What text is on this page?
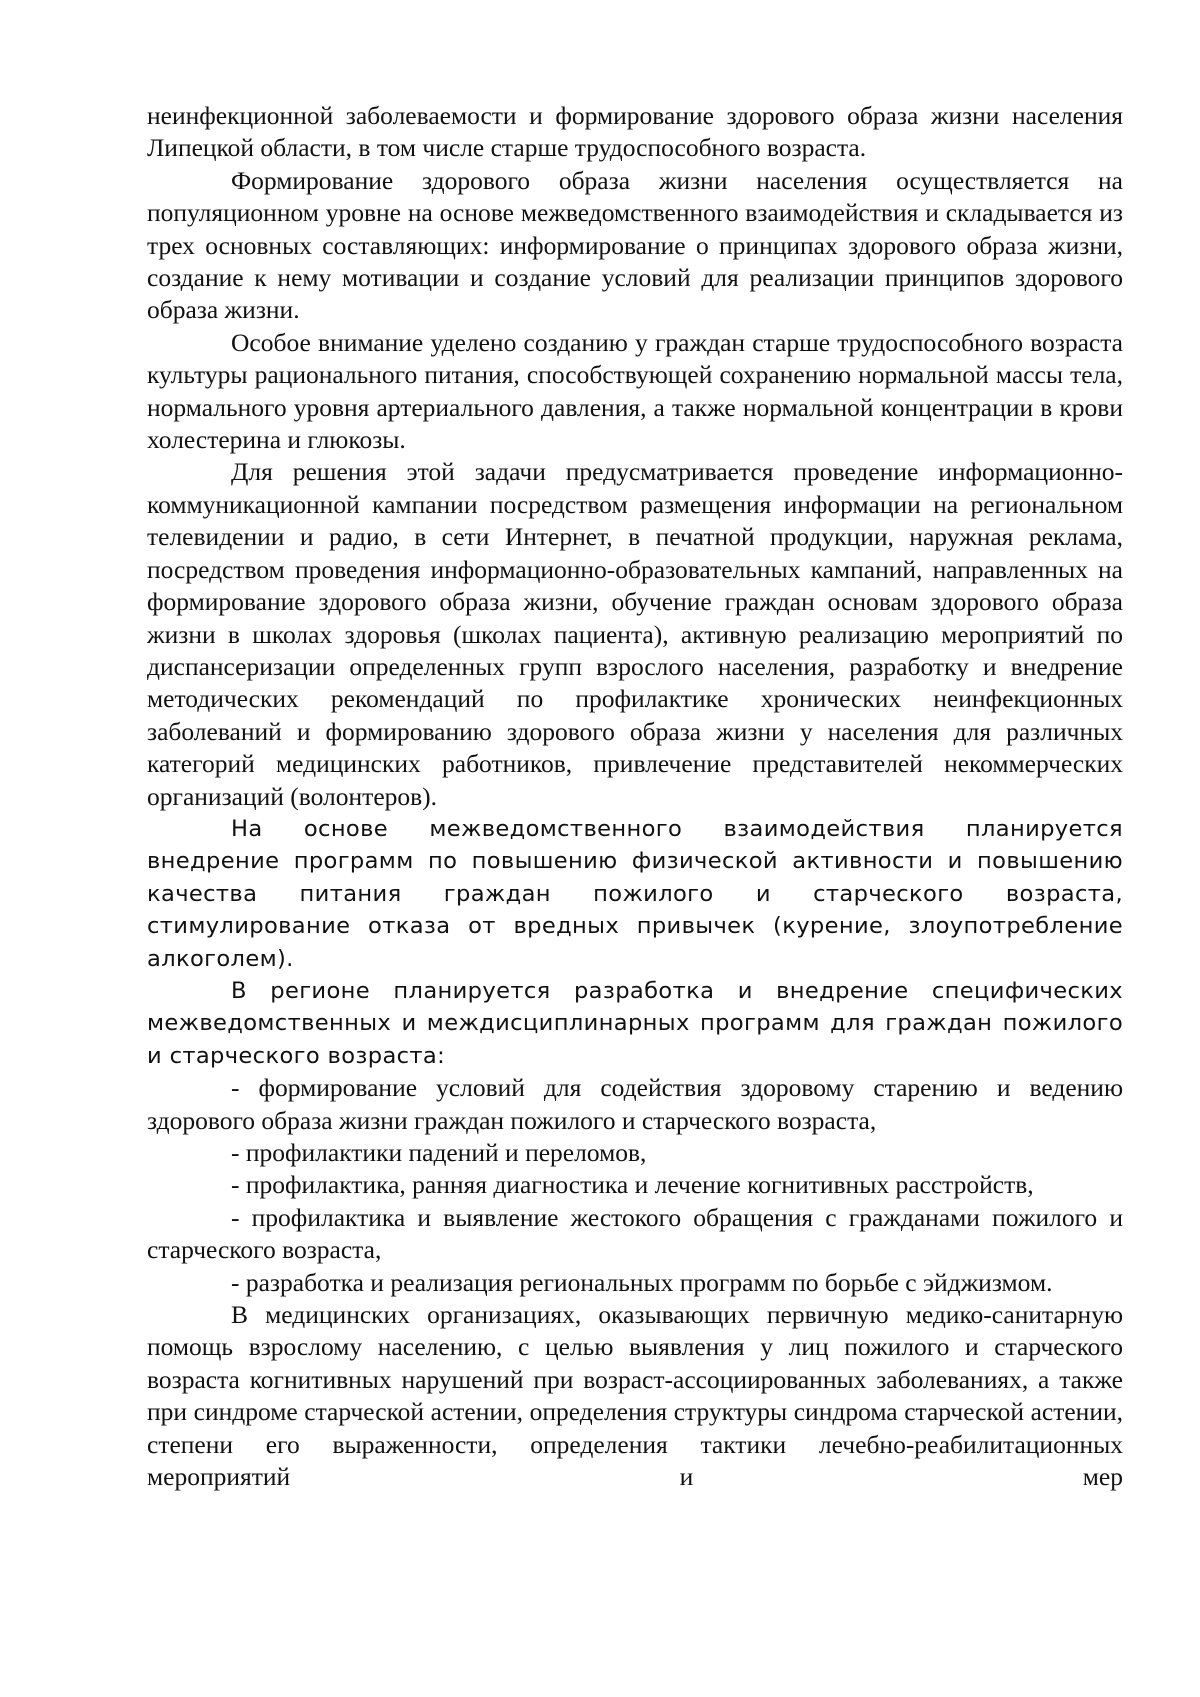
неинфекционной заболеваемости и формирование здорового образа жизни населения Липецкой области, в том числе старше трудоспособного возраста.

Формирование здорового образа жизни населения осуществляется на популяционном уровне на основе межведомственного взаимодействия и складывается из трех основных составляющих: информирование о принципах здорового образа жизни, создание к нему мотивации и создание условий для реализации принципов здорового образа жизни.

Особое внимание уделено созданию у граждан старше трудоспособного возраста культуры рационального питания, способствующей сохранению нормальной массы тела, нормального уровня артериального давления, а также нормальной концентрации в крови холестерина и глюкозы.

Для решения этой задачи предусматривается проведение информационно-коммуникационной кампании посредством размещения информации на региональном телевидении и радио, в сети Интернет, в печатной продукции, наружная реклама, посредством проведения информационно-образовательных кампаний, направленных на формирование здорового образа жизни, обучение граждан основам здорового образа жизни в школах здоровья (школах пациента), активную реализацию мероприятий по диспансеризации определенных групп взрослого населения, разработку и внедрение методических рекомендаций по профилактике хронических неинфекционных заболеваний и формированию здорового образа жизни у населения для различных категорий медицинских работников, привлечение представителей некоммерческих организаций (волонтеров).

На основе межведомственного взаимодействия планируется внедрение программ по повышению физической активности и повышению качества питания граждан пожилого и старческого возраста, стимулирование отказа от вредных привычек (курение, злоупотребление алкоголем).

В регионе планируется разработка и внедрение специфических межведомственных и междисциплинарных программ для граждан пожилого и старческого возраста:

- формирование условий для содействия здоровому старению и ведению здорового образа жизни граждан пожилого и старческого возраста,

- профилактики падений и переломов,

- профилактика, ранняя диагностика и лечение когнитивных расстройств,

- профилактика и выявление жестокого обращения с гражданами пожилого и старческого возраста,

- разработка и реализация региональных программ по борьбе с эйджизмом.

В медицинских организациях, оказывающих первичную медико-санитарную помощь взрослому населению, с целью выявления у лиц пожилого и старческого возраста когнитивных нарушений при возраст-ассоциированных заболеваниях, а также при синдроме старческой астении, определения структуры синдрома старческой астении, степени его выраженности, определения тактики лечебно-реабилитационных мероприятий и мер
